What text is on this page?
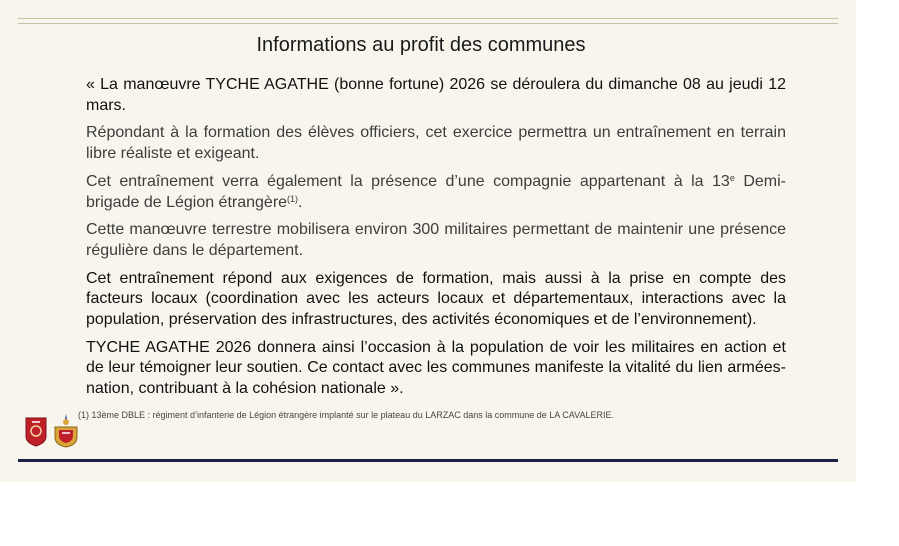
Informations au profit des communes

« La manœuvre TYCHE AGATHE (bonne fortune) 2026 se déroulera du dimanche 08 au jeudi 12 mars.

Répondant à la formation des élèves officiers, cet exercice permettra un entraînement en terrain libre réaliste et exigeant.

Cet entraînement verra également la présence d’une compagnie appartenant à la 13e Demi-brigade de Légion étrangère$^{(1)}$.

Cette manœuvre terrestre mobilisera environ 300 militaires permettant de maintenir une présence régulière dans le département.

Cet entraînement répond aux exigences de formation, mais aussi à la prise en compte des facteurs locaux (coordination avec les acteurs locaux et départementaux, interactions avec la population, préservation des infrastructures, des activités économiques et de l’environnement).

TYCHE AGATHE 2026 donnera ainsi l’occasion à la population de voir les militaires en action et de leur témoigner leur soutien. Ce contact avec les communes manifeste la vitalité du lien armées-nation, contribuant à la cohésion nationale ».

(1) 13ème DBLE : régiment d’infanterie de Légion étrangère implanté sur le plateau du LARZAC dans la commune de LA CAVALERIE.
